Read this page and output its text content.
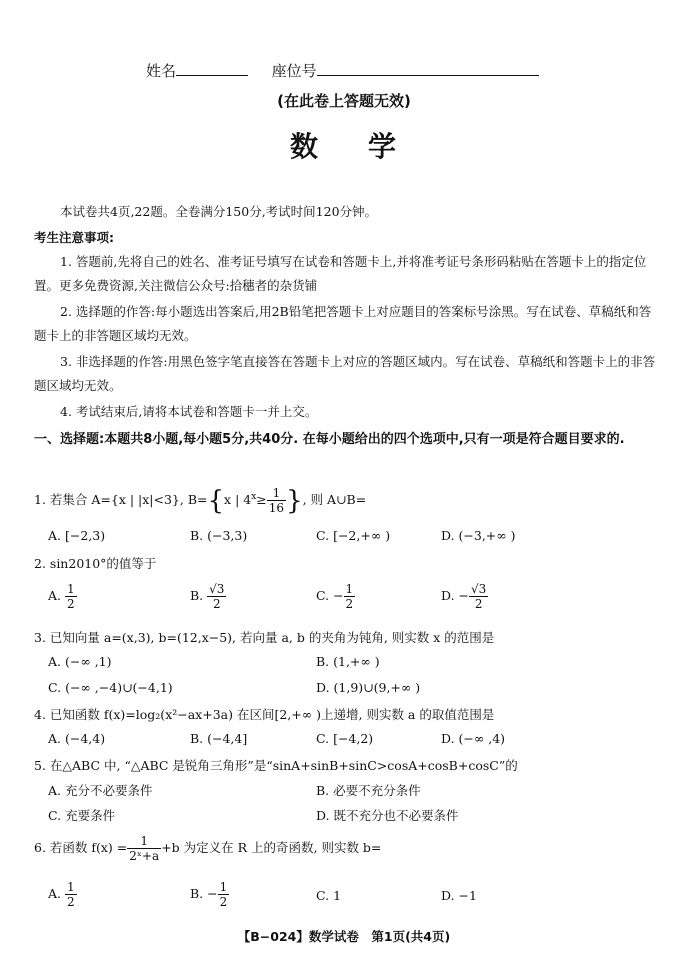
姓名	座位号
(在此卷上答题无效)
数 学
本试卷共4页,22题。全卷满分150分,考试时间120分钟。
考生注意事项:
1. 答题前,先将自己的姓名、准考证号填写在试卷和答题卡上,并将准考证号条形码粘贴在答题卡上的指定位置。更多免费资源,关注微信公众号:拾穗者的杂货铺
2. 选择题的作答:每小题选出答案后,用2B铅笔把答题卡上对应题目的答案标号涂黑。写在试卷、草稿纸和答题卡上的非答题区域均无效。
3. 非选择题的作答:用黑色签字笔直接答在答题卡上对应的答题区域内。写在试卷、草稿纸和答题卡上的非答题区域均无效。
4. 考试结束后,请将本试卷和答题卡一并上交。
一、选择题:本题共8小题,每小题5分,共40分. 在每小题给出的四个选项中,只有一项是符合题目要求的.
1. 若集合 A={x | |x|<3}, B={x | $4^x\ge \frac{1}{16}$ }, 则 A∪B=
A. [−2,3)	B. (−3,3)	C. [−2,+∞ )	D. (−3,+∞ )
2. sin2010°的值等于
A. $\frac{1}{2}$	B. $\frac{√3}{2}$	C. − $\frac{1}{2}$	D. − $\frac{√3}{2}$
3. 已知向量 a=(x,3), b=(12,x−5), 若向量 a, b 的夹角为钝角, 则实数 x 的范围是
A. (−∞ ,1)	B. (1,+∞ )
C. (−∞ ,−4)∪(−4,1)	D. (1,9)∪(9,+∞ )
4. 已知函数 f(x)=log₂(x²−ax+3a) 在区间[2,+∞ )上递增, 则实数 a 的取值范围是
A. (−4,4)	B. (−4,4]	C. [−4,2)	D. (−∞ ,4)
5. 在△ABC 中, “△ABC 是锐角三角形”是“sinA+sinB+sinC>cosA+cosB+cosC”的
A. 充分不必要条件	B. 必要不充分条件
C. 充要条件	D. 既不充分也不必要条件
6. 若函数 $f(x) = \frac{1}{\text{2ˣ+a}} +b$ 为定义在 R 上的奇函数, 则实数 b=
A. $\frac{1}{2}$	B. − $\frac{1}{2}$	C. 1	D. −1
【B−024】数学试卷　第1页(共4页)
